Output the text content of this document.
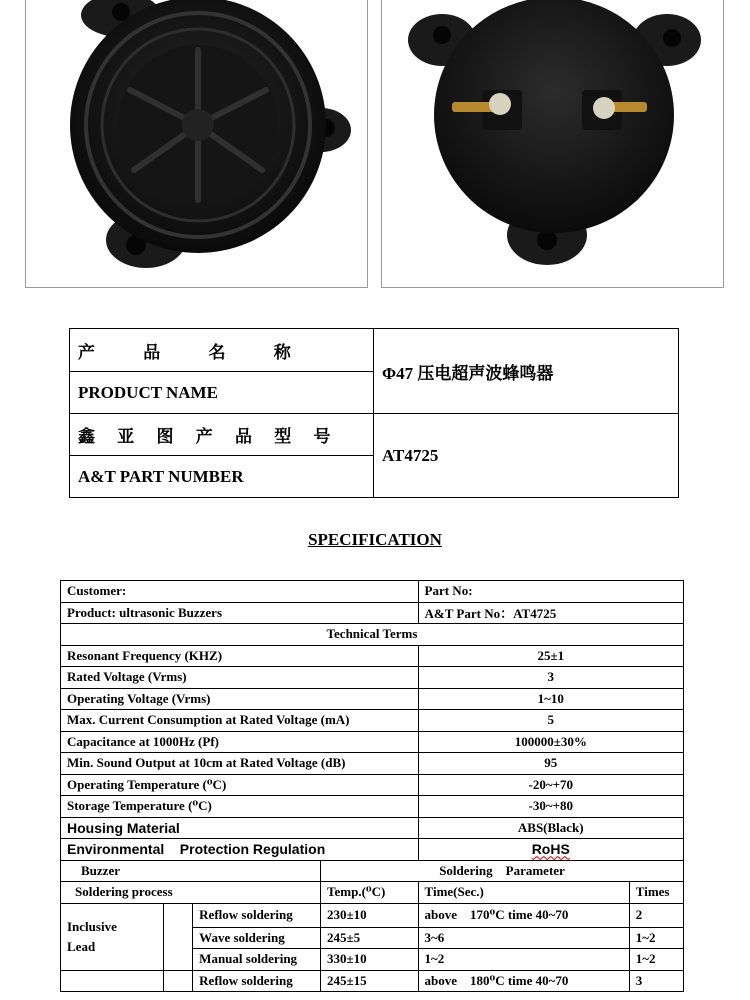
产 品 名 称	Φ47 压电超声波蜂鸣器
PRODUCT NAME	
鑫 亚 图 产 品 型 号	AT4725
A&T PART NUMBER	
SPECIFICATION
Customer:				Part No:	
Product: ultrasonic Buzzers				A&T Part No：AT4725	
Technical Terms					
Resonant Frequency (KHZ)				25±1	
Rated Voltage (Vrms)				3	
Operating Voltage (Vrms)				1~10	
Max. Current Consumption at Rated Voltage (mA)				5	
Capacitance at 1000Hz (Pf)				100000±30%	
Min. Sound Output at 10cm at Rated Voltage (dB)				95	
Operating Temperature (⁰C)				-20~+70	
Storage Temperature (⁰C)				-30~+80	
Housing Material				ABS(Black)	
Environmental    Protection Regulation				RoHS	
Buzzer			Soldering    Parameter		
Soldering process			Temp.(⁰C)	Time(Sec.)	Times

Inclusive
Lead		Reflow soldering	230±10	above    170⁰C time 40~70	2
		Wave soldering	245±5	3~6	1~2
		Manual soldering	330±10	1~2	1~2
		Reflow soldering	245±15	above    180⁰C time 40~70	3
